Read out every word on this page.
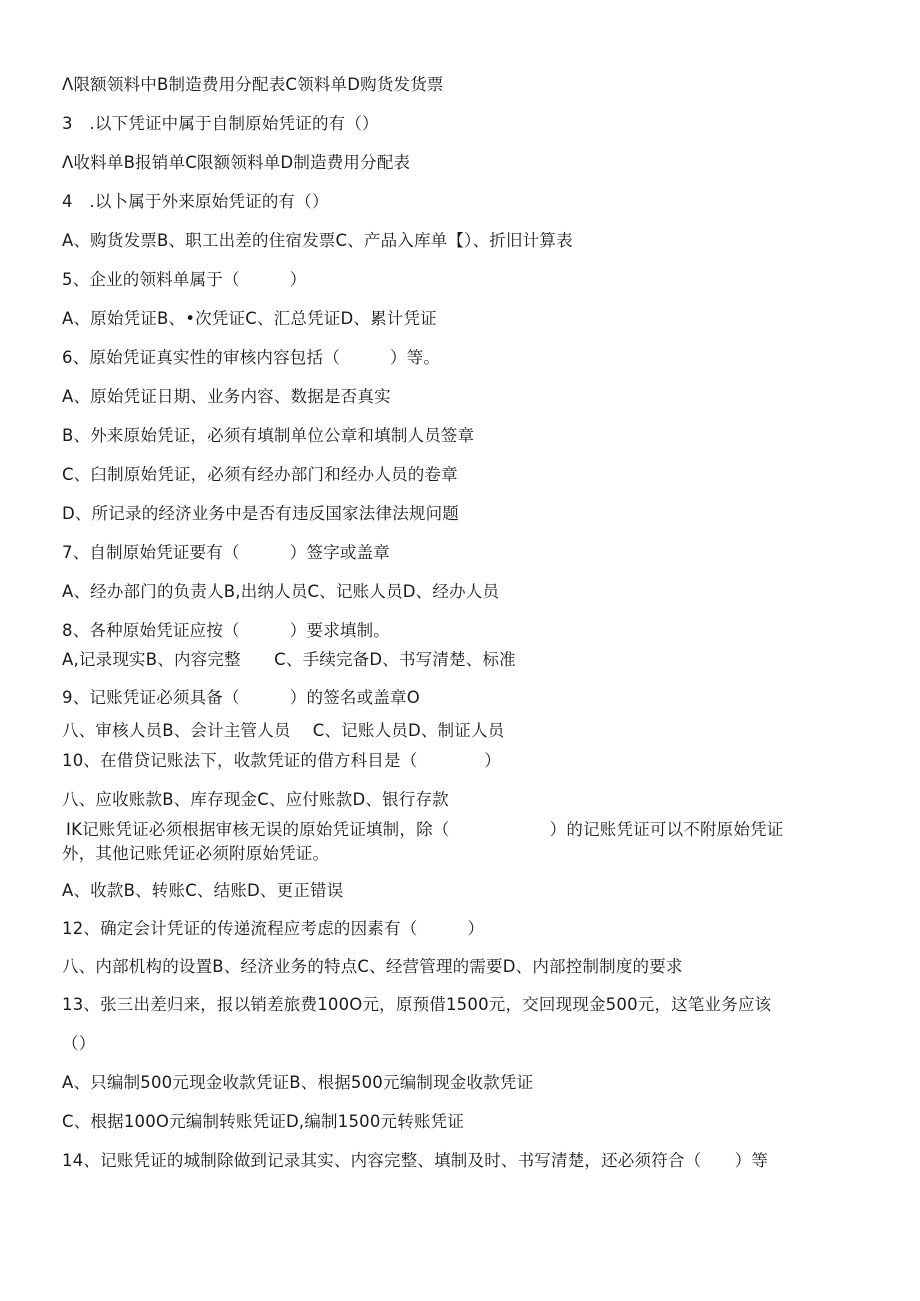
Λ限额领料中B制造费用分配表C领料单D购货发货票
3　.以下凭证中属于自制原始凭证的有（）
Λ收料单B报销单C限额领料单D制造费用分配表
4　.以卜属于外来原始凭证的有（）
A、购货发票B、职工出差的住宿发票C、产品入库单【）、折旧计算表
5、企业的领料单属于（　　　）
A、原始凭证B、•次凭证C、汇总凭证D、累计凭证
6、原始凭证真实性的审核内容包括（　　　）等。
A、原始凭证日期、业务内容、数据是否真实
B、外来原始凭证，必须有填制单位公章和填制人员签章
C、臼制原始凭证，必须有经办部门和经办人员的卷章
D、所记录的经济业务中是否有违反国家法律法规问题
7、自制原始凭证要有（　　　）签字或盖章
A、经办部门的负责人B,出纳人员C、记账人员D、经办人员
8、各种原始凭证应按（　　　）要求填制。
A,记录现实B、内容完整　　C、手续完备D、书写清楚、标准
9、记账凭证必须具备（　　　）的签名或盖章O
八、审核人员B、会计主管人员　 C、记账人员D、制证人员
10、在借贷记账法下，收款凭证的借方科目是（　　　　）
八、应收账款B、库存现金C、应付账款D、银行存款
IK记账凭证必须根据审核无误的原始凭证填制，除（　　　　　　）的记账凭证可以不附原始凭证
外，其他记账凭证必须附原始凭证。
A、收款B、转账C、结账D、更正错误
12、确定会计凭证的传递流程应考虑的因素有（　　　）
八、内部机构的设置B、经济业务的特点C、经营管理的需要D、内部控制制度的要求
13、张三出差归来，报以销差旅费100O元，原预借1500元，交回现现金500元，这笔业务应该
（）
A、只编制500元现金收款凭证B、根据500元编制现金收款凭证
C、根据100O元编制转账凭证D,编制1500元转账凭证
14、记账凭证的城制除做到记录其实、内容完整、填制及时、书写清楚，还必须符合（　　）等
